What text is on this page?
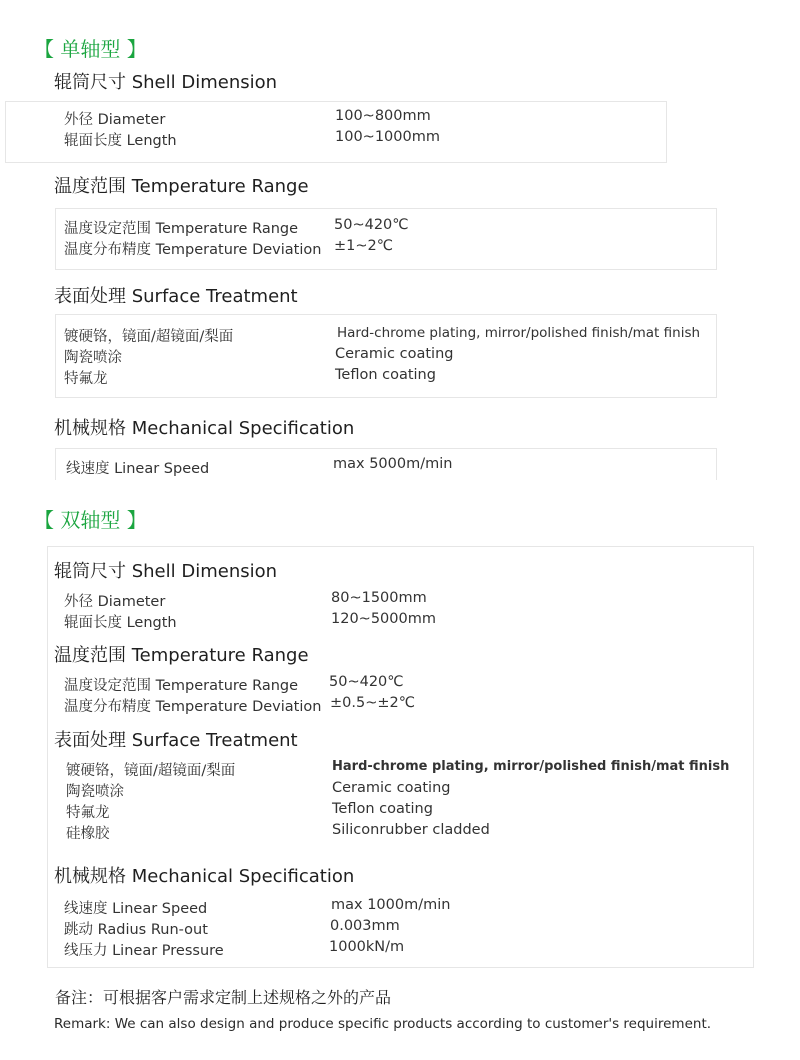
【 单轴型 】
辊筒尺寸 Shell Dimension
外径 Diameter	100~800mm
辊面长度 Length	100~1000mm
温度范围 Temperature Range
温度设定范围 Temperature Range 50~420℃
温度分布精度 Temperature Deviation ±1~2℃
表面处理 Surface Treatment
镀硬铬，镜面/超镜面/梨面	Hard-chrome plating, mirror/polished finish/mat finish
陶瓷喷涂	Ceramic coating
特氟龙	Teflon coating
机械规格 Mechanical Specification
线速度 Linear Speed	max 5000m/min
【 双轴型 】
辊筒尺寸 Shell Dimension
外径 Diameter	80~1500mm
辊面长度 Length	120~5000mm
温度范围 Temperature Range
温度设定范围 Temperature Range 50~420℃
温度分布精度 Temperature Deviation ±0.5~±2℃
表面处理 Surface Treatment
镀硬铬，镜面/超镜面/梨面	Hard-chrome plating, mirror/polished finish/mat finish
陶瓷喷涂	Ceramic coating
特氟龙	Teflon coating
硅橡胶	Siliconrubber cladded
机械规格 Mechanical Specification
线速度 Linear Speed	max 1000m/min
跳动 Radius Run-out	0.003mm
线压力 Linear Pressure	1000kN/m
备注：可根据客户需求定制上述规格之外的产品
Remark: We can also design and produce specific products according to customer's requirement.
